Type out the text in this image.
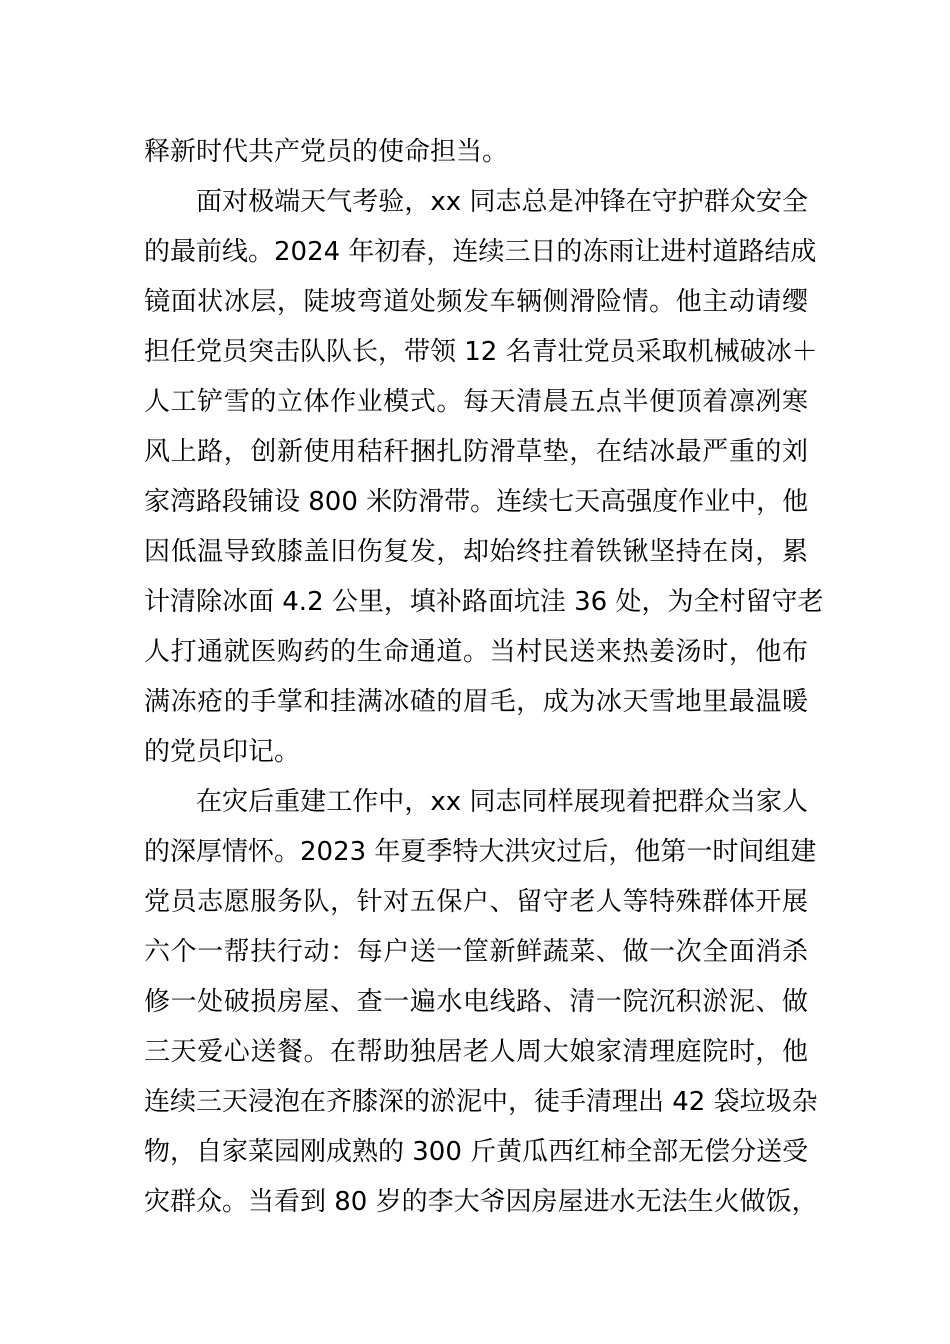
释新时代共产党员的使命担当。
面对极端天气考验，xx 同志总是冲锋在守护群众安全
的最前线。2024 年初春，连续三日的冻雨让进村道路结成
镜面状冰层，陡坡弯道处频发车辆侧滑险情。他主动请缨
担任党员突击队队长，带领 12 名青壮党员采取机械破冰＋
人工铲雪的立体作业模式。每天清晨五点半便顶着凛冽寒
风上路，创新使用秸秆捆扎防滑草垫，在结冰最严重的刘
家湾路段铺设 800 米防滑带。连续七天高强度作业中，他
因低温导致膝盖旧伤复发，却始终拄着铁锹坚持在岗，累
计清除冰面 4.2 公里，填补路面坑洼 36 处，为全村留守老
人打通就医购药的生命通道。当村民送来热姜汤时，他布
满冻疮的手掌和挂满冰碴的眉毛，成为冰天雪地里最温暖
的党员印记。
在灾后重建工作中，xx 同志同样展现着把群众当家人
的深厚情怀。2023 年夏季特大洪灾过后，他第一时间组建
党员志愿服务队，针对五保户、留守老人等特殊群体开展
六个一帮扶行动：每户送一筐新鲜蔬菜、做一次全面消杀
修一处破损房屋、查一遍水电线路、清一院沉积淤泥、做
三天爱心送餐。在帮助独居老人周大娘家清理庭院时，他
连续三天浸泡在齐膝深的淤泥中，徒手清理出 42 袋垃圾杂
物，自家菜园刚成熟的 300 斤黄瓜西红柿全部无偿分送受
灾群众。当看到 80 岁的李大爷因房屋进水无法生火做饭，
